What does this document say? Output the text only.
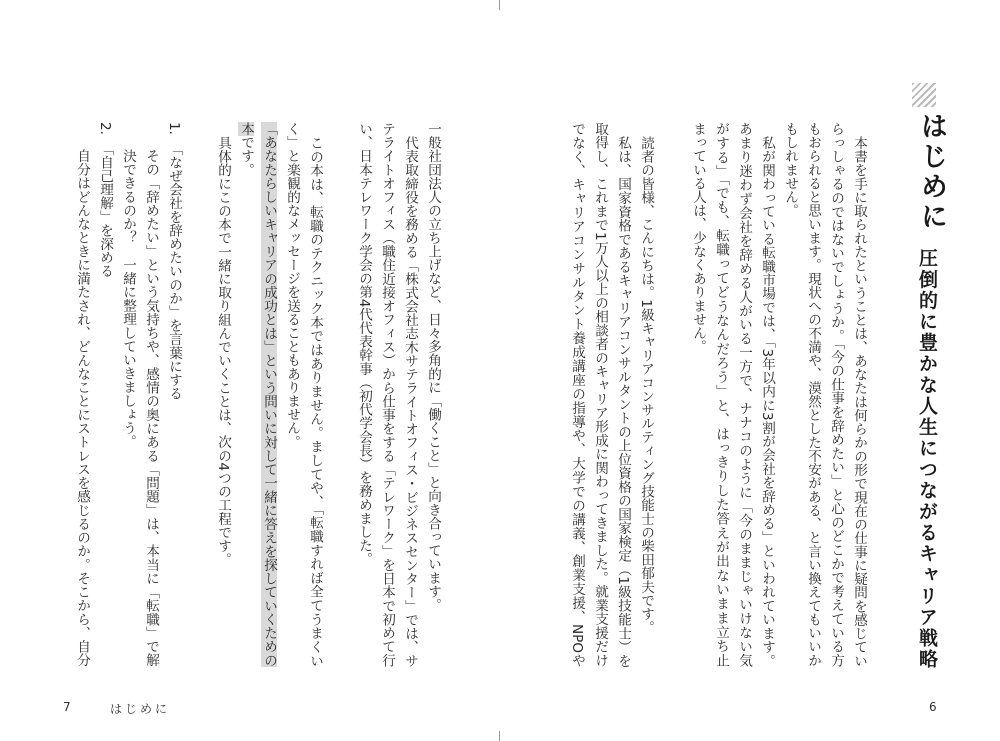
はじめに
圧倒的に豊かな人生につながるキャリア戦略
本書を手に取られたということは、あなたは何らかの形で現在の仕事に疑問を感じてい
らっしゃるのではないでしょうか。「今の仕事を辞めたい」と心のどこかで考えている方
もおられると思います。現状への不満や、漠然とした不安がある、と言い換えてもいいか
もしれません。
私が関わっている転職市場では、「3年以内に3割が会社を辞める」といわれています。
あまり迷わず会社を辞める人がいる一方で、ナナコのように「今のままじゃいけない気
がする」「でも、転職ってどうなんだろう」と、はっきりした答えが出ないまま立ち止
まっている人は、少なくありません。
読者の皆様、こんにちは。1級キャリアコンサルティング技能士の柴田郁夫です。
私は、国家資格であるキャリアコンサルタントの上位資格の国家検定（1級技能士）を
取得し、これまで1万人以上の相談者のキャリア形成に関わってきました。就業支援だけ
でなく、キャリアコンサルタント養成講座の指導や、大学での講義、創業支援、NPOや
6
一般社団法人の立ち上げなど、日々多角的に「働くこと」と向き合っています。
代表取締役を務める「株式会社志木サテライトオフィス・ビジネスセンター」では、サ
テライトオフィス（職住近接オフィス）から仕事をする「テレワーク」を日本で初めて行
い、日本テレワーク学会の第4代代表幹事（初代学会長）を務めました。
この本は、転職のテクニック本ではありません。ましてや、「転職すれば全てうまくい
く」と楽観的なメッセージを送ることもありません。
「あなたらしいキャリアの成功とは」という問いに対して一緒に答えを探していくための
本です。
具体的にこの本で一緒に取り組んでいくことは、次の4つの工程です。
1.　「なぜ会社を辞めたいのか」を言葉にする
その「辞めたい」という気持ちや、感情の奥にある「問題」は、本当に「転職」で解
決できるのか？　一緒に整理していきましょう。
2.　「自己理解」を深める
自分はどんなときに満たされ、どんなことにストレスを感じるのか。そこから、自分
7	はじめに
